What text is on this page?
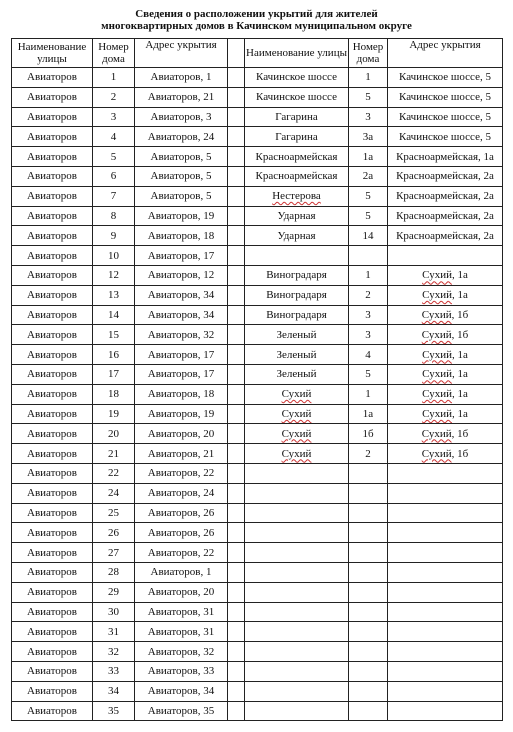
Сведения о расположении укрытий для жителей
многоквартирных домов в Качинском муниципальном округе
Наименование улицы	Номер дома	Адрес укрытия		Наименование улицы	Номер дома	Адрес укрытия
Авиаторов	1	Авиаторов, 1		Качинское шоссе	1	Качинское шоссе, 5
Авиаторов	2	Авиаторов, 21		Качинское шоссе	5	Качинское шоссе, 5
Авиаторов	3	Авиаторов, 3		Гагарина	3	Качинское шоссе, 5
Авиаторов	4	Авиаторов, 24		Гагарина	3а	Качинское шоссе, 5
Авиаторов	5	Авиаторов, 5		Красноармейская	1а	Красноармейская, 1а
Авиаторов	6	Авиаторов, 5		Красноармейская	2а	Красноармейская, 2а
Авиаторов	7	Авиаторов, 5		Нестерова	5	Красноармейская, 2а
Авиаторов	8	Авиаторов, 19		Ударная	5	Красноармейская, 2а
Авиаторов	9	Авиаторов, 18		Ударная	14	Красноармейская, 2а
Авиаторов	10	Авиаторов, 17				
Авиаторов	12	Авиаторов, 12		Виноградаря	1	Сухий, 1а
Авиаторов	13	Авиаторов, 34		Виноградаря	2	Сухий, 1а
Авиаторов	14	Авиаторов, 34		Виноградаря	3	Сухий, 1б
Авиаторов	15	Авиаторов, 32		Зеленый	3	Сухий, 1б
Авиаторов	16	Авиаторов, 17		Зеленый	4	Сухий, 1а
Авиаторов	17	Авиаторов, 17		Зеленый	5	Сухий, 1а
Авиаторов	18	Авиаторов, 18		Сухий	1	Сухий, 1а
Авиаторов	19	Авиаторов, 19		Сухий	1а	Сухий, 1а
Авиаторов	20	Авиаторов, 20		Сухий	1б	Сухий, 1б
Авиаторов	21	Авиаторов, 21		Сухий	2	Сухий, 1б
Авиаторов	22	Авиаторов, 22				
Авиаторов	24	Авиаторов, 24				
Авиаторов	25	Авиаторов, 26				
Авиаторов	26	Авиаторов, 26				
Авиаторов	27	Авиаторов, 22				
Авиаторов	28	Авиаторов, 1				
Авиаторов	29	Авиаторов, 20				
Авиаторов	30	Авиаторов, 31				
Авиаторов	31	Авиаторов, 31				
Авиаторов	32	Авиаторов, 32				
Авиаторов	33	Авиаторов, 33				
Авиаторов	34	Авиаторов, 34				
Авиаторов	35	Авиаторов, 35				
